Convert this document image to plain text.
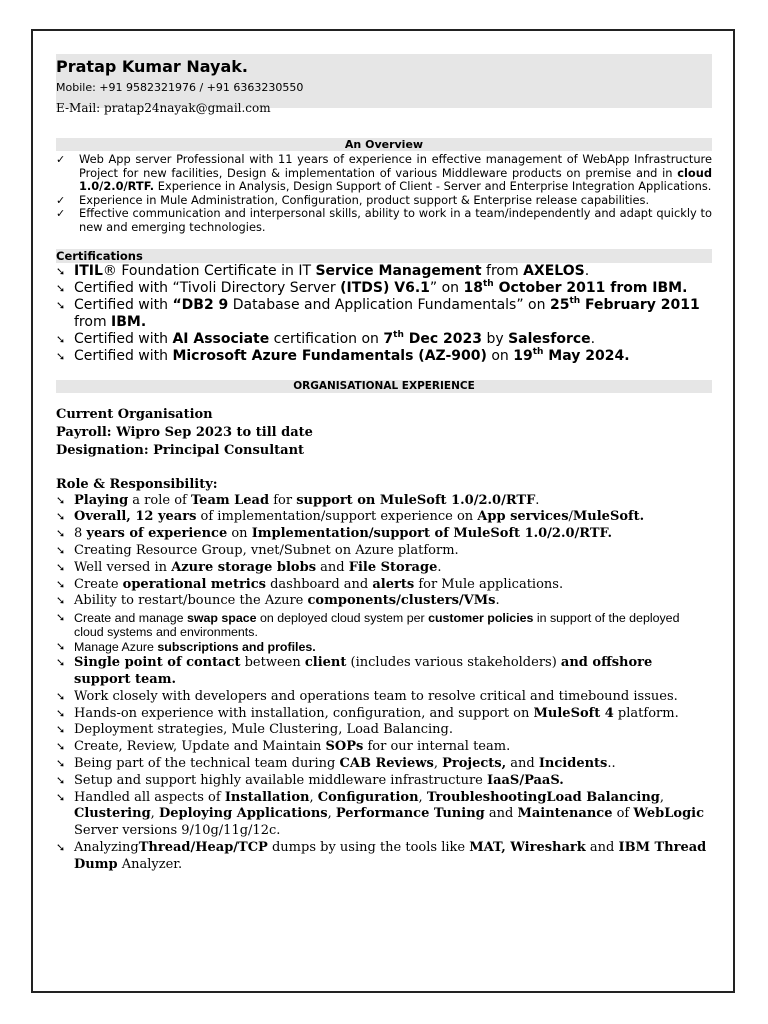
Pratap Kumar Nayak.
Mobile: +91 9582321976 / +91 6363230550
E-Mail: pratap24nayak@gmail.com
An Overview
✓ Web App server Professional with 11 years of experience in effective management of WebApp Infrastructure Project for new facilities, Design & implementation of various Middleware products on premise and in cloud 1.0/2.0/RTF. Experience in Analysis, Design Support of Client - Server and Enterprise Integration Applications.
✓ Experience in Mule Administration, Configuration, product support & Enterprise release capabilities.
✓ Effective communication and interpersonal skills, ability to work in a team/independently and adapt quickly to new and emerging technologies.
Certifications
➘ ITIL® Foundation Certificate in IT Service Management from AXELOS.
➘ Certified with “Tivoli Directory Server (ITDS) V6.1” on 18th October 2011 from IBM.
➘ Certified with “DB2 9 Database and Application Fundamentals” on 25th February 2011 from IBM.
➘ Certified with AI Associate certification on 7th Dec 2023 by Salesforce.
➘ Certified with Microsoft Azure Fundamentals (AZ-900) on 19th May 2024.
ORGANISATIONAL EXPERIENCE
Current Organisation
Payroll: Wipro Sep 2023 to till date
Designation: Principal Consultant
Role & Responsibility:
➘ Playing a role of Team Lead for support on MuleSoft 1.0/2.0/RTF.
➘ Overall, 12 years of implementation/support experience on App services/MuleSoft.
➘ 8 years of experience on Implementation/support of MuleSoft 1.0/2.0/RTF.
➘ Creating Resource Group, vnet/Subnet on Azure platform.
➘ Well versed in Azure storage blobs and File Storage.
➘ Create operational metrics dashboard and alerts for Mule applications.
➘ Ability to restart/bounce the Azure components/clusters/VMs.
➘ Create and manage swap space on deployed cloud system per customer policies in support of the deployed cloud systems and environments.
➘ Manage Azure subscriptions and profiles.
➘ Single point of contact between client (includes various stakeholders) and offshore support team.
➘ Work closely with developers and operations team to resolve critical and timebound issues.
➘ Hands-on experience with installation, configuration, and support on MuleSoft 4 platform.
➘ Deployment strategies, Mule Clustering, Load Balancing.
➘ Create, Review, Update and Maintain SOPs for our internal team.
➘ Being part of the technical team during CAB Reviews, Projects, and Incidents..
➘ Setup and support highly available middleware infrastructure IaaS/PaaS.
➘ Handled all aspects of Installation, Configuration, TroubleshootingLoad Balancing, Clustering, Deploying Applications, Performance Tuning and Maintenance of WebLogic Server versions 9/10g/11g/12c.
➘ AnalyzingThread/Heap/TCP dumps by using the tools like MAT, Wireshark and IBM Thread Dump Analyzer.
